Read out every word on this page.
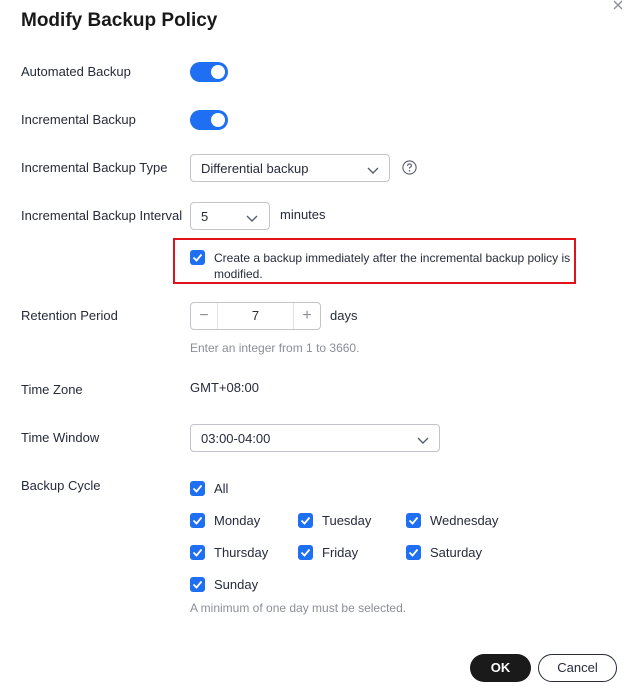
Modify Backup Policy
Automated Backup
Incremental Backup
Incremental Backup Type	Differential backup
Incremental Backup Interval 5	minutes
Create a backup immediately after the incremental backup policy is modified.
Retention Period	−	7	+	days
Enter an integer from 1 to 3660.
Time Zone	GMT+08:00
Time Window	03:00-04:00
Backup Cycle	All
Monday	Tuesday	Wednesday
Thursday	Friday	Saturday
Sunday
A minimum of one day must be selected.
OK	Cancel
